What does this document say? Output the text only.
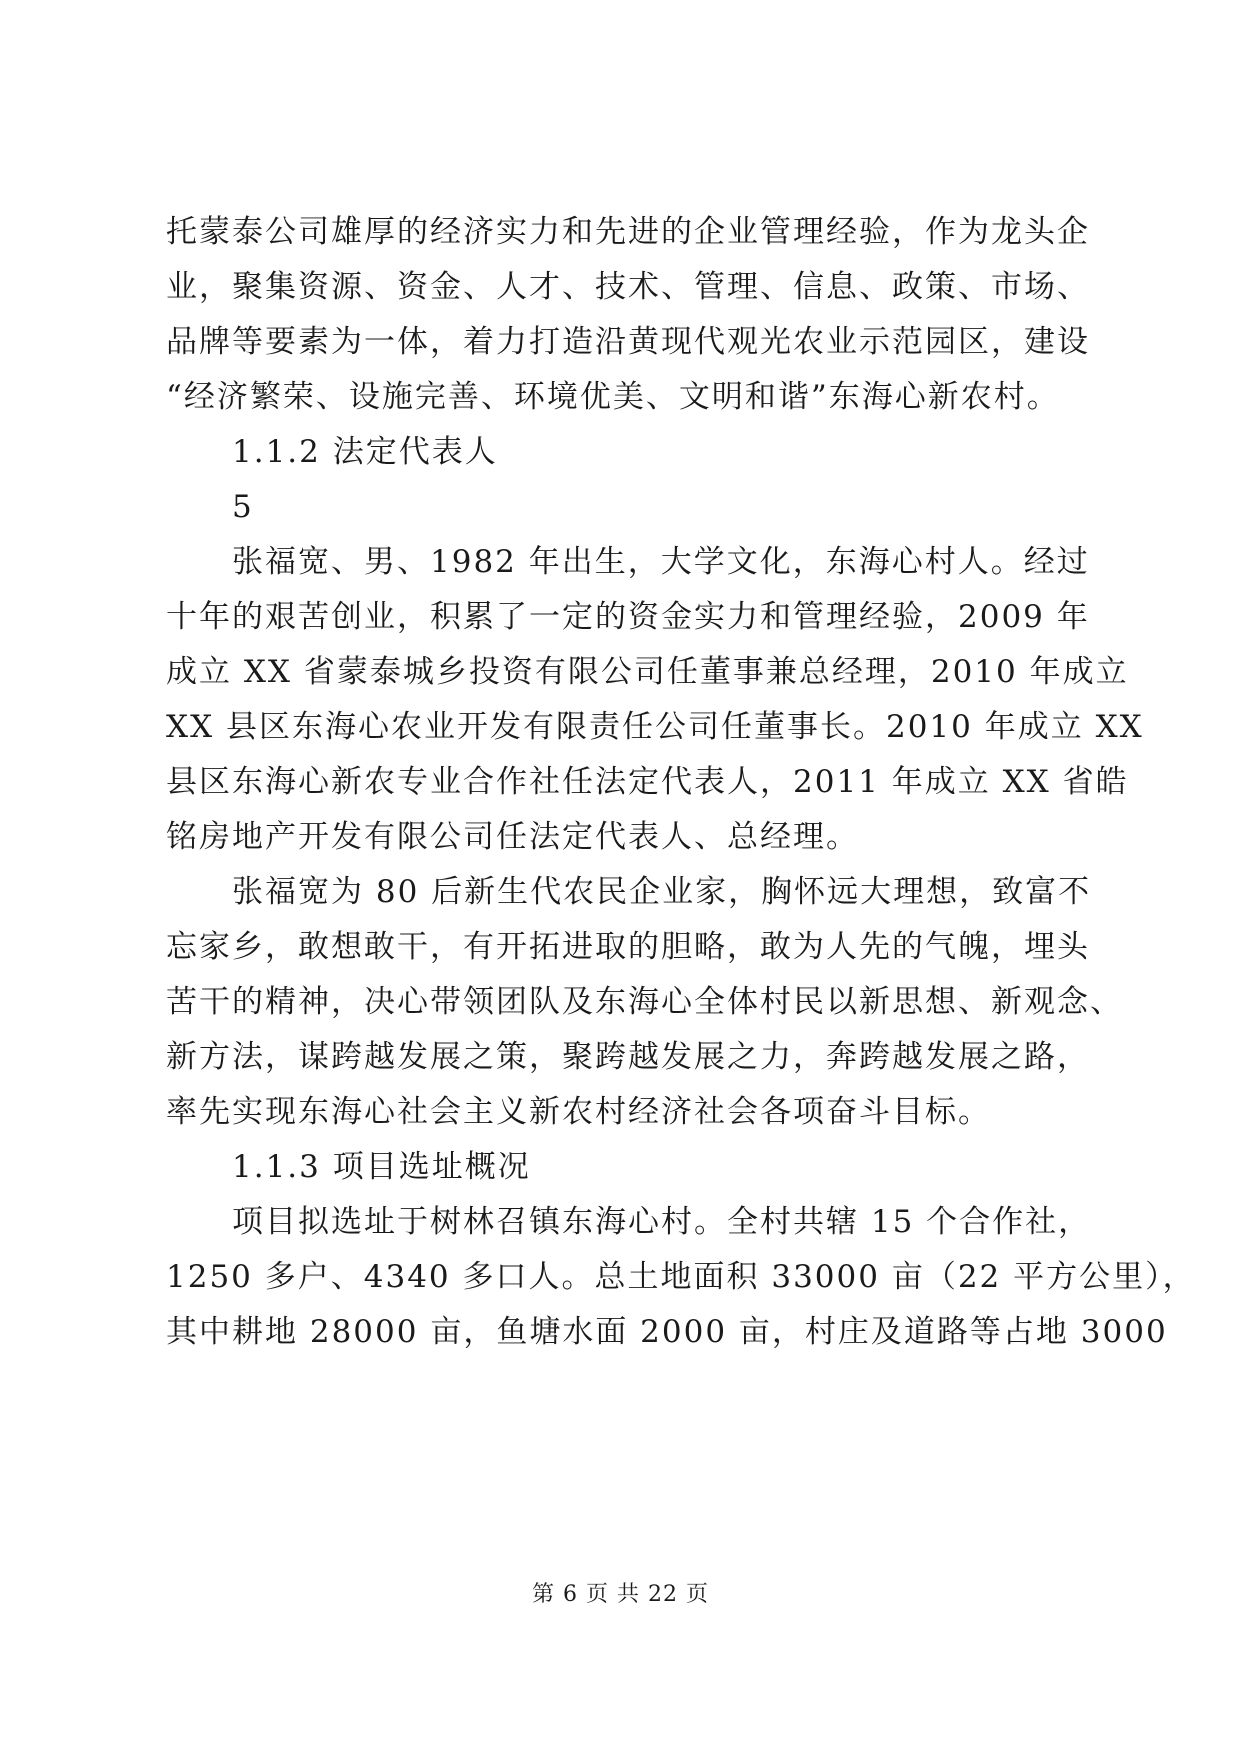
托蒙泰公司雄厚的经济实力和先进的企业管理经验，作为龙头企
业，聚集资源、资金、人才、技术、管理、信息、政策、市场、
品牌等要素为一体，着力打造沿黄现代观光农业示范园区，建设
“经济繁荣、设施完善、环境优美、文明和谐”东海心新农村。
1.1.2 法定代表人
5
张福宽、男、1982 年出生，大学文化，东海心村人。经过
十年的艰苦创业，积累了一定的资金实力和管理经验，2009 年
成立 XX 省蒙泰城乡投资有限公司任董事兼总经理，2010 年成立
XX 县区东海心农业开发有限责任公司任董事长。2010 年成立 XX
县区东海心新农专业合作社任法定代表人，2011 年成立 XX 省皓
铭房地产开发有限公司任法定代表人、总经理。
张福宽为 80 后新生代农民企业家，胸怀远大理想，致富不
忘家乡，敢想敢干，有开拓进取的胆略，敢为人先的气魄，埋头
苦干的精神，决心带领团队及东海心全体村民以新思想、新观念、
新方法，谋跨越发展之策，聚跨越发展之力，奔跨越发展之路，
率先实现东海心社会主义新农村经济社会各项奋斗目标。
1.1.3 项目选址概况
项目拟选址于树林召镇东海心村。全村共辖 15 个合作社，
1250 多户、4340 多口人。总土地面积 33000 亩（22 平方公里），
其中耕地 28000 亩，鱼塘水面 2000 亩，村庄及道路等占地 3000
第 6 页 共 22 页
